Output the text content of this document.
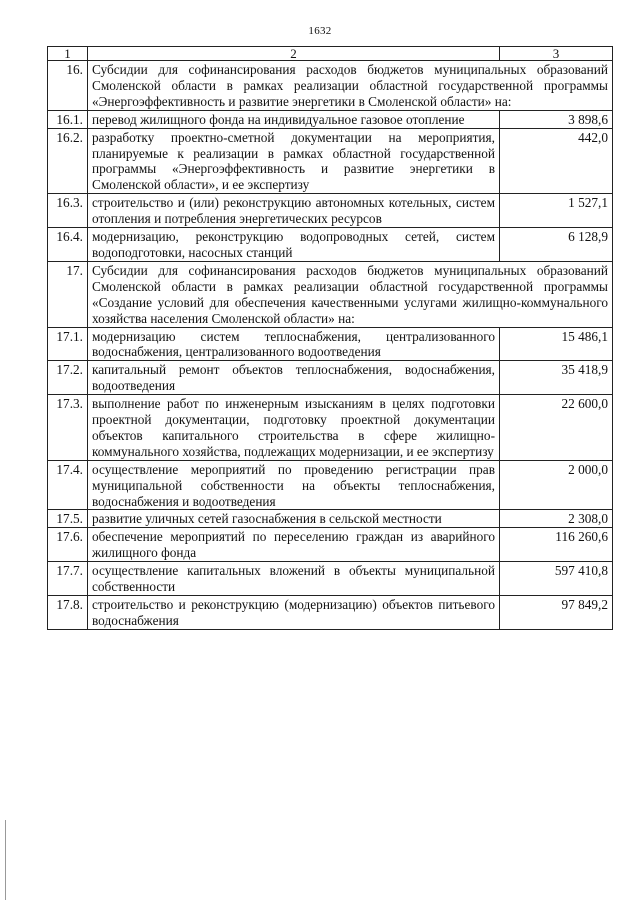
1632
1	2	3
16.	Субсидии для софинансирования расходов бюджетов муниципальных образований Смоленской области в рамках реализации областной государственной программы «Энергоэффективность и развитие энергетики в Смоленской области» на:	
16.1.	перевод жилищного фонда на индивидуальное газовое отопление	3 898,6
16.2.	разработку проектно-сметной документации на мероприятия, планируемые к реализации в рамках областной государственной программы «Энергоэффективность и развитие энергетики в Смоленской области», и ее экспертизу	442,0
16.3.	строительство и (или) реконструкцию автономных котельных, систем отопления и потребления энергетических ресурсов	1 527,1
16.4.	модернизацию, реконструкцию водопроводных сетей, систем водоподготовки, насосных станций	6 128,9
17.	Субсидии для софинансирования расходов бюджетов муниципальных образований Смоленской области в рамках реализации областной государственной программы «Создание условий для обеспечения качественными услугами жилищно-коммунального хозяйства населения Смоленской области» на:	
17.1.	модернизацию систем теплоснабжения, централизованного водоснабжения, централизованного водоотведения	15 486,1
17.2.	капитальный ремонт объектов теплоснабжения, водоснабжения, водоотведения	35 418,9
17.3.	выполнение работ по инженерным изысканиям в целях подготовки проектной документации, подготовку проектной документации объектов капитального строительства в сфере жилищно-коммунального хозяйства, подлежащих модернизации, и ее экспертизу	22 600,0
17.4.	осуществление мероприятий по проведению регистрации прав муниципальной собственности на объекты теплоснабжения, водоснабжения и водоотведения	2 000,0
17.5.	развитие уличных сетей газоснабжения в сельской местности	2 308,0
17.6.	обеспечение мероприятий по переселению граждан из аварийного жилищного фонда	116 260,6
17.7.	осуществление капитальных вложений в объекты муниципальной собственности	597 410,8
17.8.	строительство и реконструкцию (модернизацию) объектов питьевого водоснабжения	97 849,2
